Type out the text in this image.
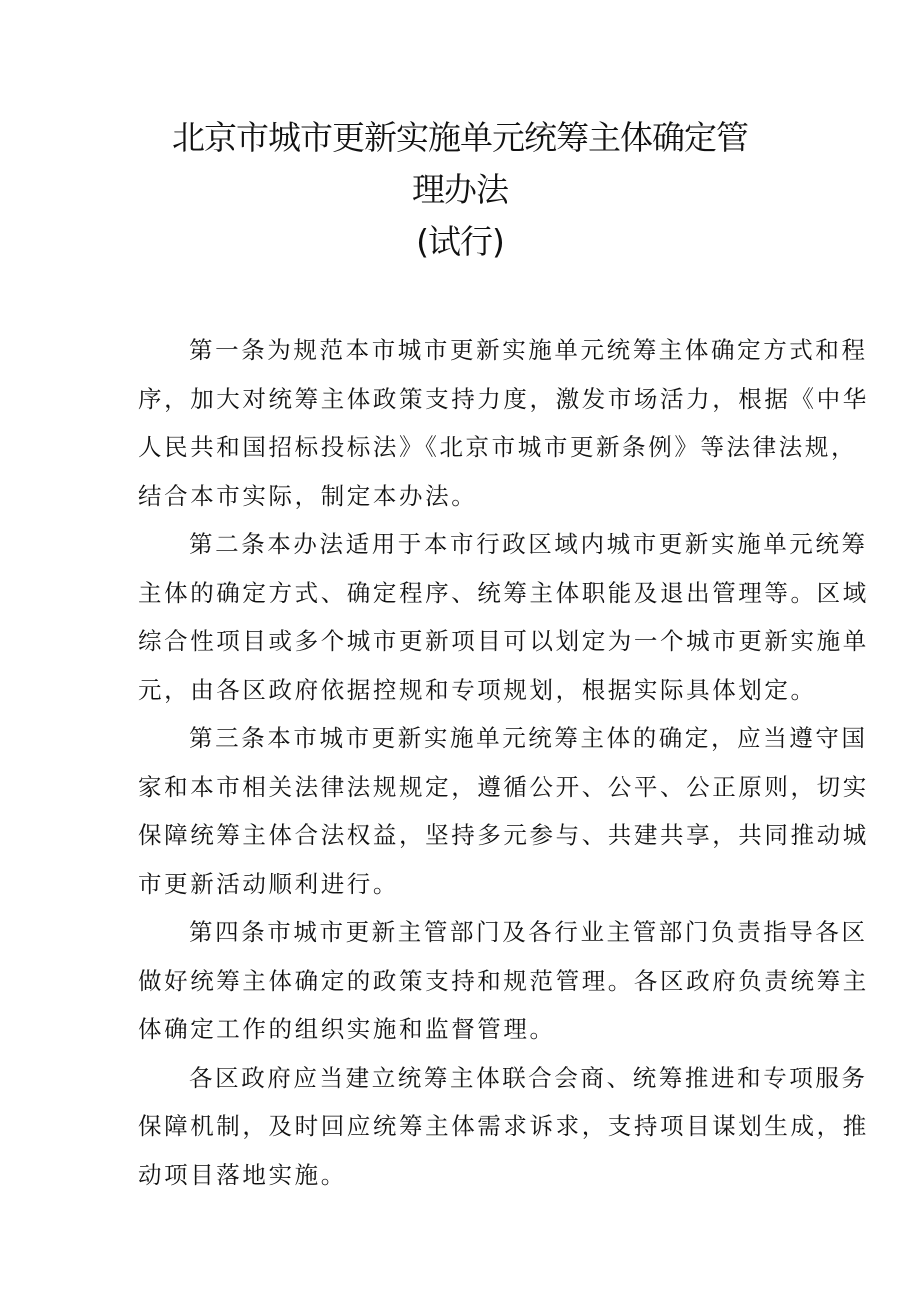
北京市城市更新实施单元统筹主体确定管
理办法
(试行)
第一条为规范本市城市更新实施单元统筹主体确定方式和程
序，加大对统筹主体政策支持力度，激发市场活力，根据《中华
人民共和国招标投标法》《北京市城市更新条例》等法律法规，
结合本市实际，制定本办法。
第二条本办法适用于本市行政区域内城市更新实施单元统筹
主体的确定方式、确定程序、统筹主体职能及退出管理等。区域
综合性项目或多个城市更新项目可以划定为一个城市更新实施单
元，由各区政府依据控规和专项规划，根据实际具体划定。
第三条本市城市更新实施单元统筹主体的确定，应当遵守国
家和本市相关法律法规规定，遵循公开、公平、公正原则，切实
保障统筹主体合法权益，坚持多元参与、共建共享，共同推动城
市更新活动顺利进行。
第四条市城市更新主管部门及各行业主管部门负责指导各区
做好统筹主体确定的政策支持和规范管理。各区政府负责统筹主
体确定工作的组织实施和监督管理。
各区政府应当建立统筹主体联合会商、统筹推进和专项服务
保障机制，及时回应统筹主体需求诉求，支持项目谋划生成，推
动项目落地实施。
